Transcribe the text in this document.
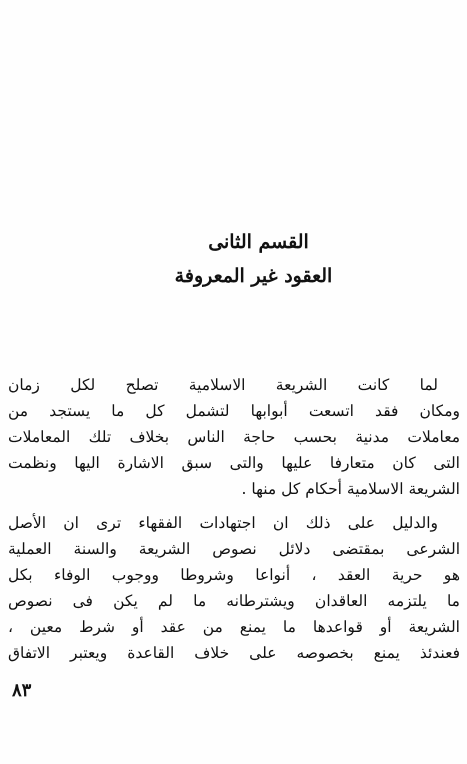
القسم الثانى
العقود غير المعروفة
لما كانت الشريعة الاسلامية تصلح لكل زمان
ومكان فقد اتسعت أبوابها لتشمل كل ما يستجد من
معاملات مدنية بحسب حاجة الناس بخلاف تلك المعاملات
التى كان متعارفا عليها والتى سبق الاشارة اليها ونظمت
الشريعة الاسلامية أحكام كل منها .
والدليل على ذلك ان اجتهادات الفقهاء ترى ان الأصل
الشرعى بمقتضى دلائل نصوص الشريعة والسنة العملية
هو حرية العقد ، أنواعا وشروطا ووجوب الوفاء بكل
ما يلتزمه العاقدان ويشترطانه ما لم يكن فى نصوص
الشريعة أو قواعدها ما يمنع من عقد أو شرط معين ،
فعندئذ يمنع بخصوصه على خلاف القاعدة ويعتبر الاتفاق
٨٣
